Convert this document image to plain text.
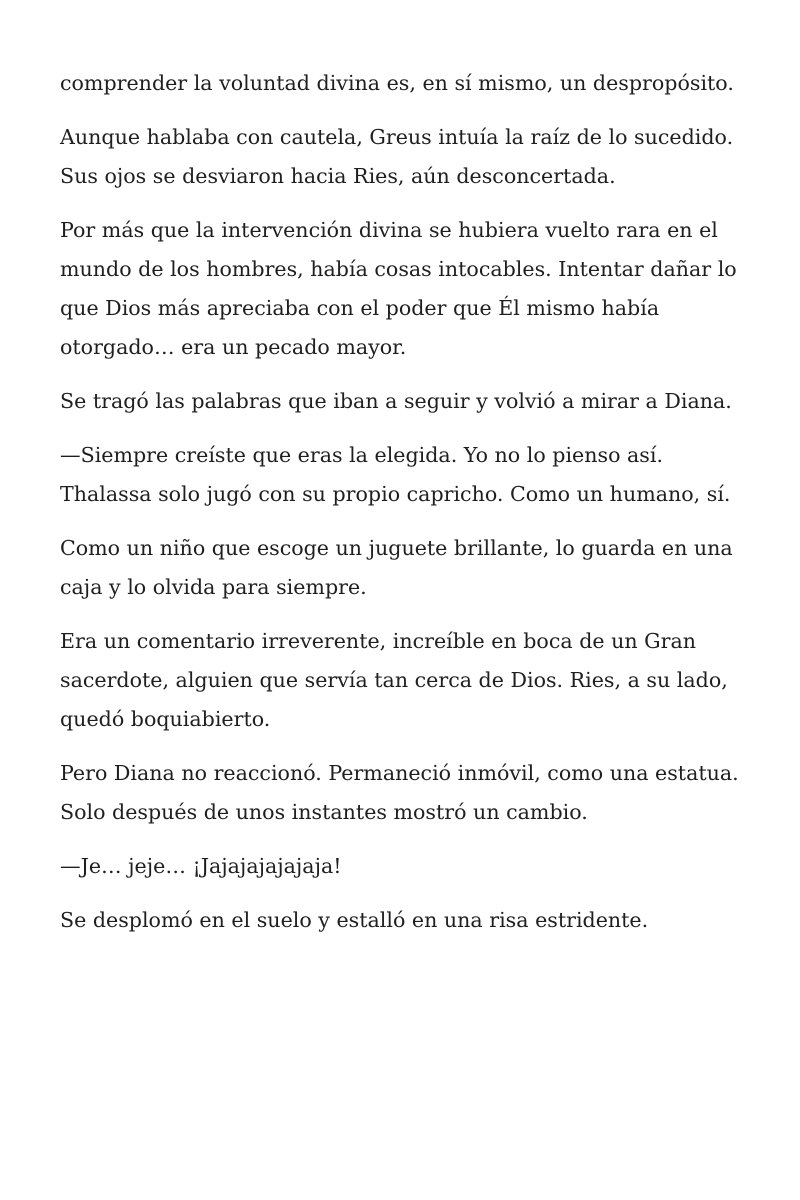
comprender la voluntad divina es, en sí mismo, un despropósito.

Aunque hablaba con cautela, Greus intuía la raíz de lo sucedido. Sus ojos se desviaron hacia Ries, aún desconcertada.

Por más que la intervención divina se hubiera vuelto rara en el mundo de los hombres, había cosas intocables. Intentar dañar lo que Dios más apreciaba con el poder que Él mismo había otorgado… era un pecado mayor.

Se tragó las palabras que iban a seguir y volvió a mirar a Diana.

—Siempre creíste que eras la elegida. Yo no lo pienso así. Thalassa solo jugó con su propio capricho. Como un humano, sí.

Como un niño que escoge un juguete brillante, lo guarda en una caja y lo olvida para siempre.

Era un comentario irreverente, increíble en boca de un Gran sacerdote, alguien que servía tan cerca de Dios. Ries, a su lado, quedó boquiabierto.

Pero Diana no reaccionó. Permaneció inmóvil, como una estatua. Solo después de unos instantes mostró un cambio.

—Je… jeje… ¡Jajajajajajaja!

Se desplomó en el suelo y estalló en una risa estridente.
